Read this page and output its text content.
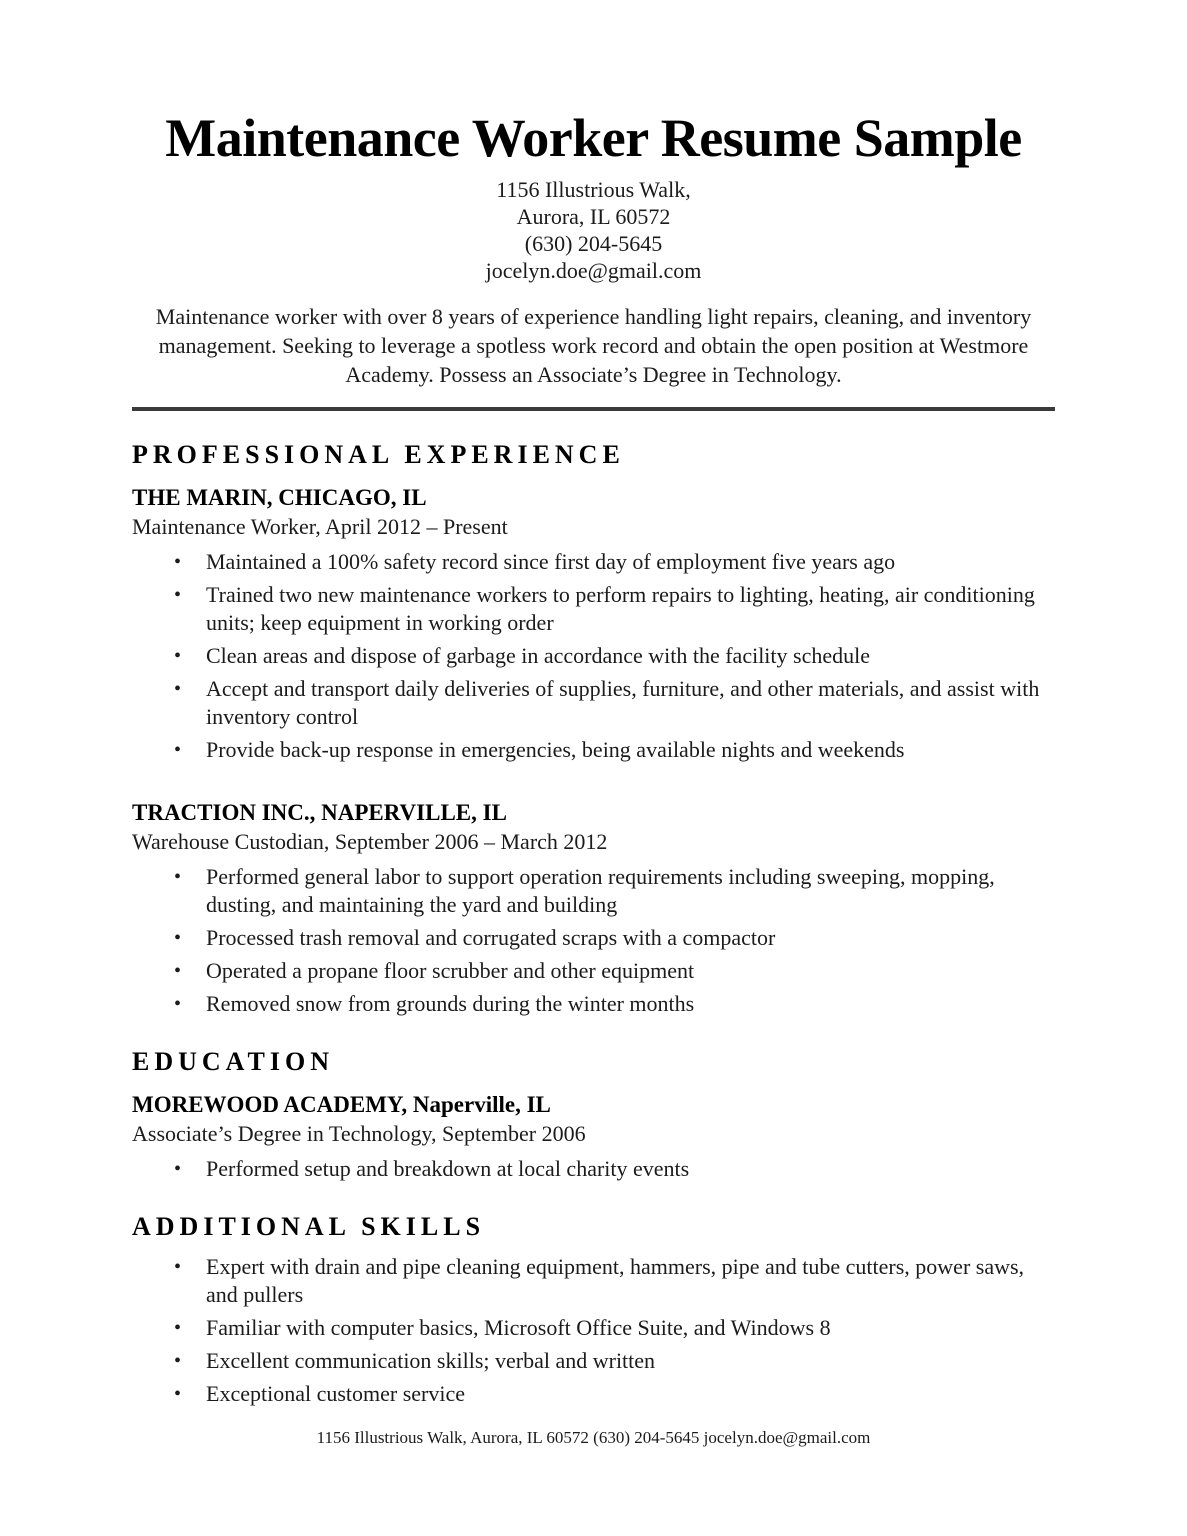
Maintenance Worker Resume Sample
1156 Illustrious Walk,
Aurora, IL 60572
(630) 204-5645
jocelyn.doe@gmail.com

Maintenance worker with over 8 years of experience handling light repairs, cleaning, and inventory management. Seeking to leverage a spotless work record and obtain the open position at Westmore Academy. Possess an Associate’s Degree in Technology.

PROFESSIONAL EXPERIENCE
THE MARIN, CHICAGO, IL
Maintenance Worker, April 2012 – Present
• Maintained a 100% safety record since first day of employment five years ago
• Trained two new maintenance workers to perform repairs to lighting, heating, air conditioning units; keep equipment in working order
• Clean areas and dispose of garbage in accordance with the facility schedule
• Accept and transport daily deliveries of supplies, furniture, and other materials, and assist with inventory control
• Provide back-up response in emergencies, being available nights and weekends
TRACTION INC., NAPERVILLE, IL
Warehouse Custodian, September 2006 – March 2012
• Performed general labor to support operation requirements including sweeping, mopping, dusting, and maintaining the yard and building
• Processed trash removal and corrugated scraps with a compactor
• Operated a propane floor scrubber and other equipment
• Removed snow from grounds during the winter months
EDUCATION
MOREWOOD ACADEMY, Naperville, IL
Associate’s Degree in Technology, September 2006
• Performed setup and breakdown at local charity events
ADDITIONAL SKILLS
• Expert with drain and pipe cleaning equipment, hammers, pipe and tube cutters, power saws, and pullers
• Familiar with computer basics, Microsoft Office Suite, and Windows 8
• Excellent communication skills; verbal and written
• Exceptional customer service
1156 Illustrious Walk, Aurora, IL 60572 (630) 204-5645 jocelyn.doe@gmail.com
